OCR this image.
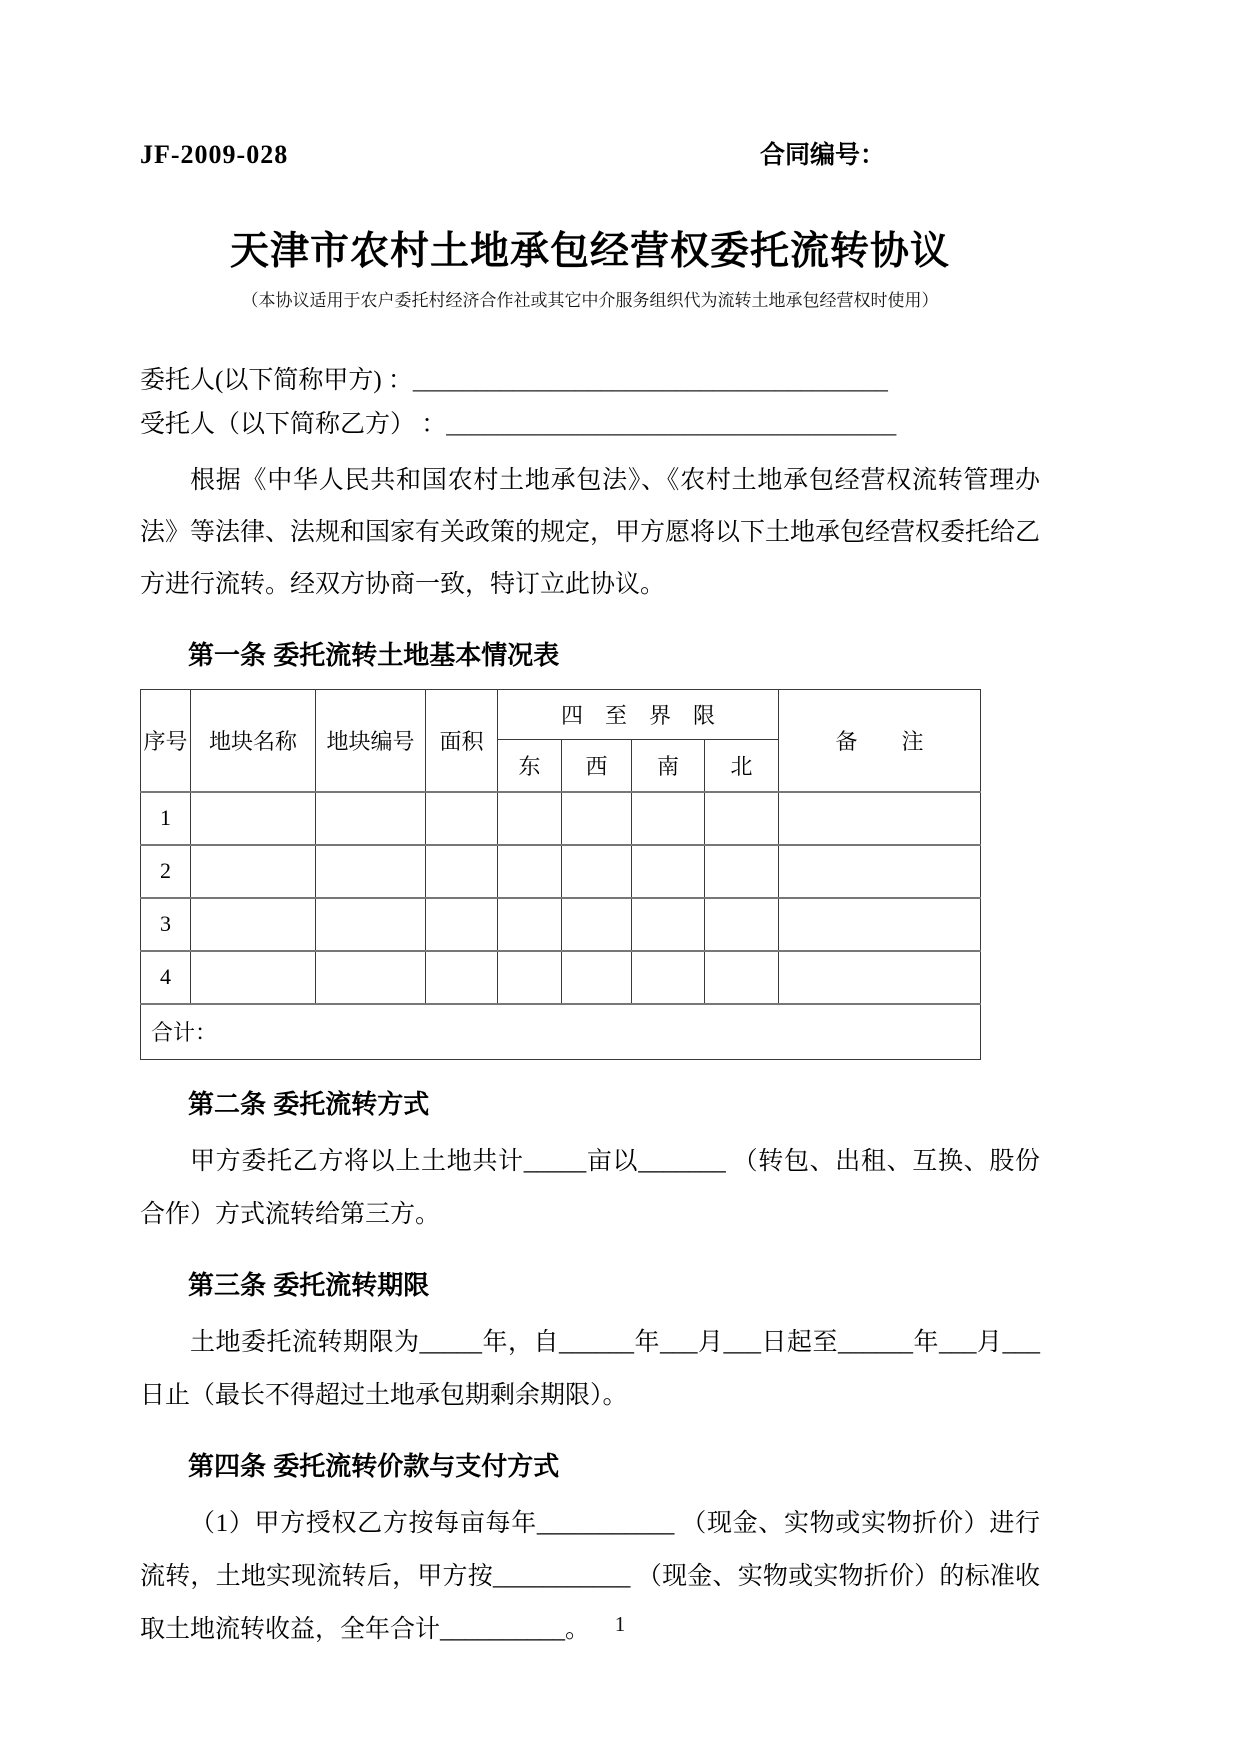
JF-2009-028	合同编号：
天津市农村土地承包经营权委托流转协议
（本协议适用于农户委托村经济合作社或其它中介服务组织代为流转土地承包经营权时使用）
委托人(以下简称甲方) ：______________________________________
受托人（以下简称乙方） ：____________________________________

根据《中华人民共和国农村土地承包法》、《农村土地承包经营权流转管理办法》等法律、法规和国家有关政策的规定，甲方愿将以下土地承包经营权委托给乙方进行流转。经双方协商一致，特订立此协议。

第一条 委托流转土地基本情况表
序号	地块名称	地块编号	面积	四　至　界　限				备　　注
				东	西	南	北	
1								
2								
3								
4								
合计：								
第二条 委托流转方式

甲方委托乙方将以上土地共计_____亩以_______ （转包、出租、互换、股份合作）方式流转给第三方。

第三条 委托流转期限

土地委托流转期限为_____年，自______年___月___日起至______年___月___日止（最长不得超过土地承包期剩余期限）。

第四条 委托流转价款与支付方式

（1）甲方授权乙方按每亩每年___________ （现金、实物或实物折价）进行流转，土地实现流转后，甲方按___________ （现金、实物或实物折价）的标准收取土地流转收益，全年合计__________。	1
